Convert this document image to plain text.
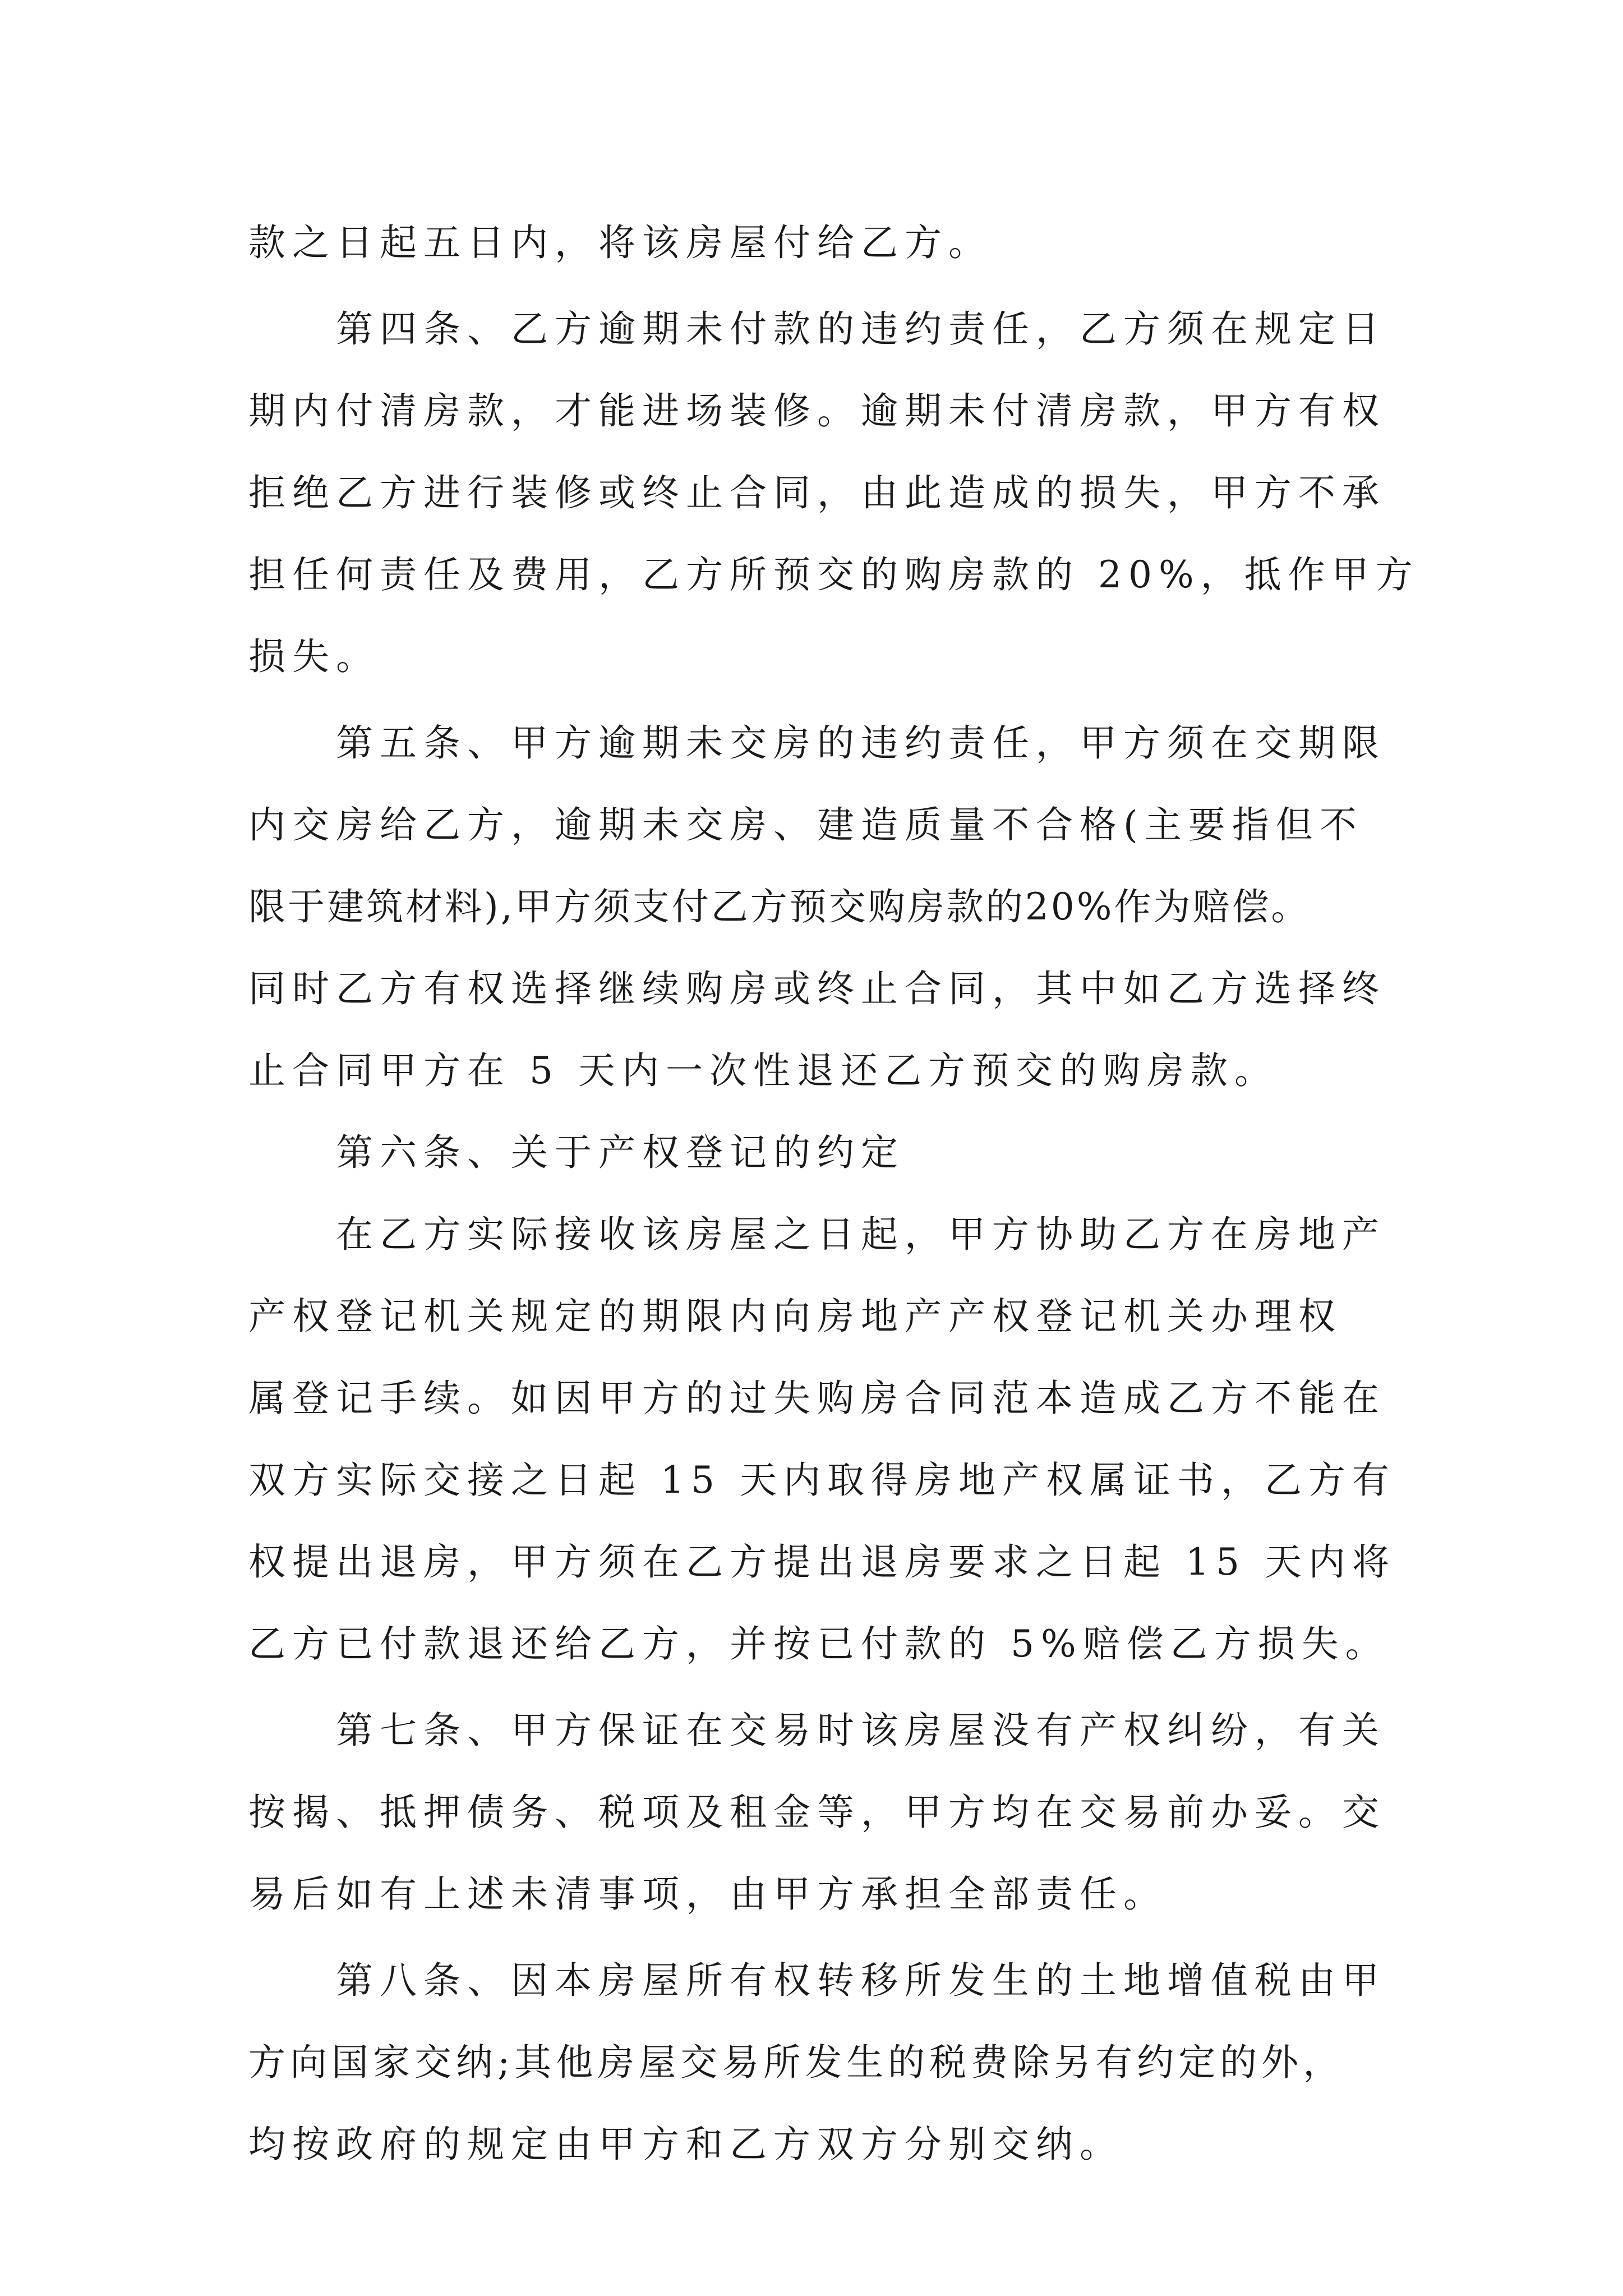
款之日起五日内，将该房屋付给乙方。
第四条、乙方逾期未付款的违约责任，乙方须在规定日
期内付清房款，才能进场装修。逾期未付清房款，甲方有权
拒绝乙方进行装修或终止合同，由此造成的损失，甲方不承
担任何责任及费用，乙方所预交的购房款的 20%，抵作甲方
损失。
第五条、甲方逾期未交房的违约责任，甲方须在交期限
内交房给乙方，逾期未交房、建造质量不合格(主要指但不
限于建筑材料),甲方须支付乙方预交购房款的20%作为赔偿。
同时乙方有权选择继续购房或终止合同，其中如乙方选择终
止合同甲方在 5 天内一次性退还乙方预交的购房款。
第六条、关于产权登记的约定
在乙方实际接收该房屋之日起，甲方协助乙方在房地产
产权登记机关规定的期限内向房地产产权登记机关办理权
属登记手续。如因甲方的过失购房合同范本造成乙方不能在
双方实际交接之日起 15 天内取得房地产权属证书，乙方有
权提出退房，甲方须在乙方提出退房要求之日起 15 天内将
乙方已付款退还给乙方，并按已付款的 5%赔偿乙方损失。
第七条、甲方保证在交易时该房屋没有产权纠纷，有关
按揭、抵押债务、税项及租金等，甲方均在交易前办妥。交
易后如有上述未清事项，由甲方承担全部责任。
第八条、因本房屋所有权转移所发生的土地增值税由甲
方向国家交纳;其他房屋交易所发生的税费除另有约定的外，
均按政府的规定由甲方和乙方双方分别交纳。
